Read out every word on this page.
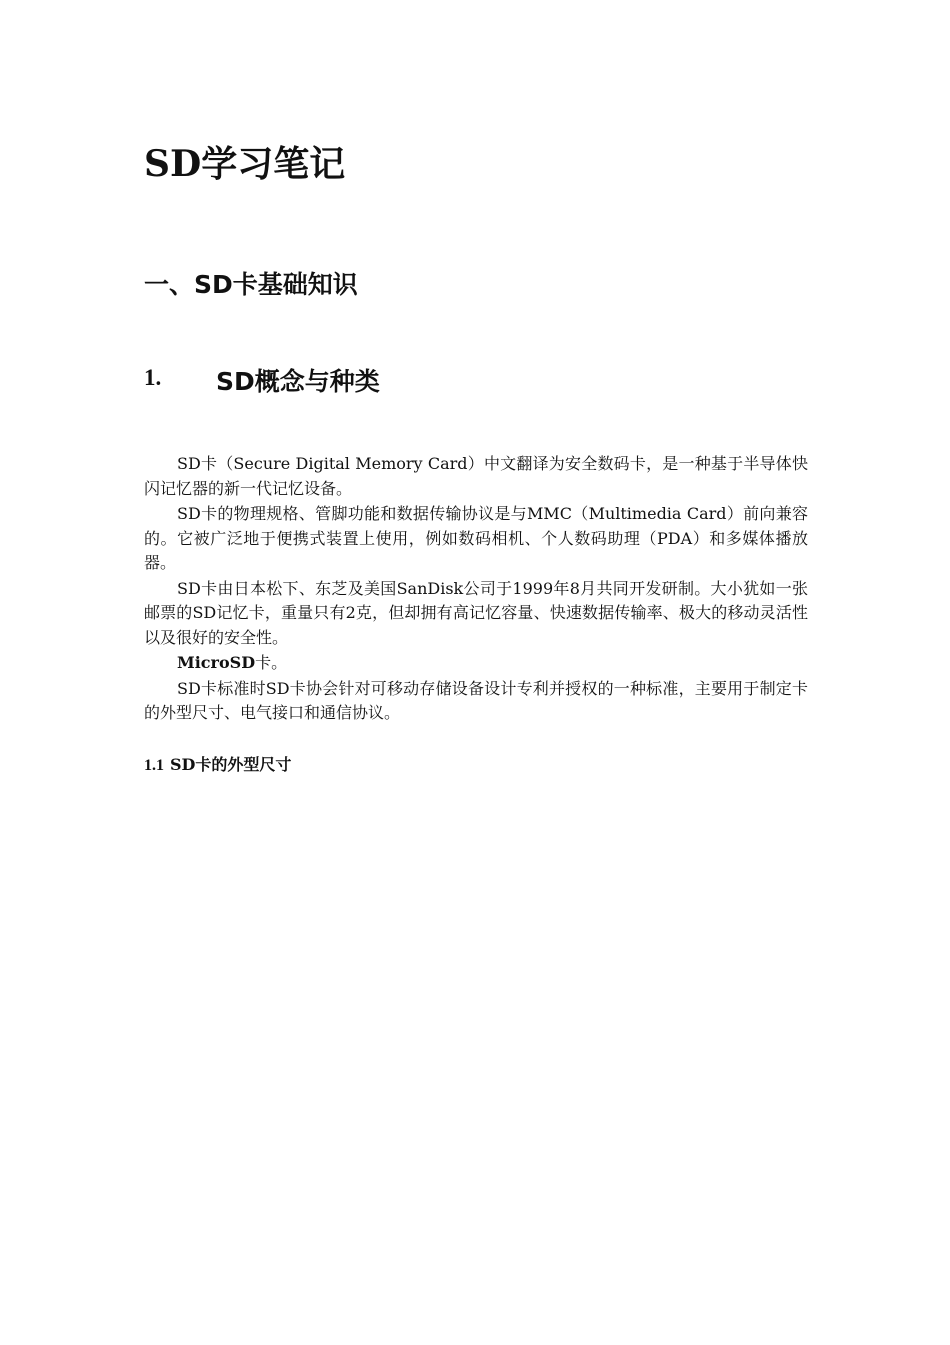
SD学习笔记
一、SD卡基础知识
1. SD概念与种类

SD卡（Secure Digital Memory Card）中文翻译为安全数码卡，是一种基于半导体快闪记忆器的新一代记忆设备。

SD卡的物理规格、管脚功能和数据传输协议是与MMC（Multimedia Card）前向兼容的。它被广泛地于便携式装置上使用，例如数码相机、个人数码助理（PDA）和多媒体播放器。

SD卡由日本松下、东芝及美国SanDisk公司于1999年8月共同开发研制。大小犹如一张邮票的SD记忆卡，重量只有2克，但却拥有高记忆容量、快速数据传输率、极大的移动灵活性以及很好的安全性。

MicroSD卡。

SD卡标准时SD卡协会针对可移动存储设备设计专利并授权的一种标准，主要用于制定卡的外型尺寸、电气接口和通信协议。

1.1 SD卡的外型尺寸
